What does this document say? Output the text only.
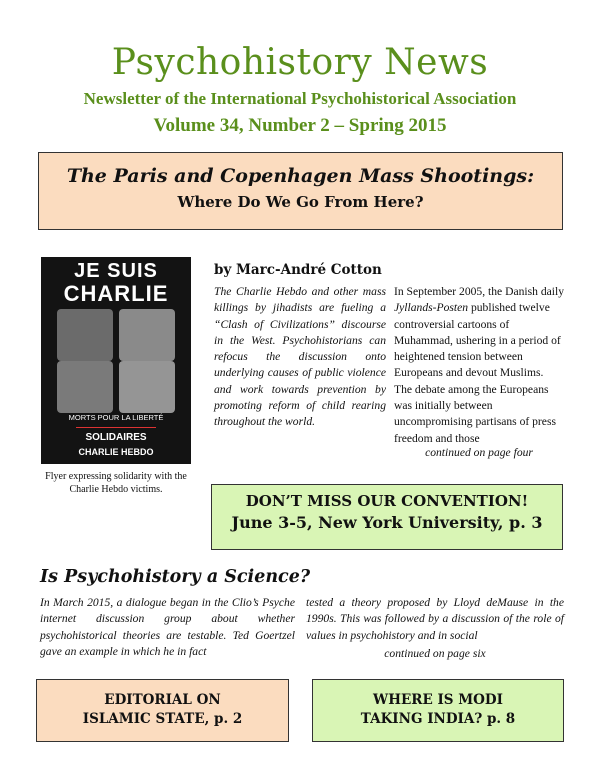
Psychohistory News
Newsletter of the International Psychohistorical Association
Volume 34, Number 2 – Spring 2015
The Paris and Copenhagen Mass Shootings:
Where Do We Go From Here?
JE SUIS
CHARLIE
MORTS POUR LA LIBERTÉ
SOLIDAIRES
CHARLIE HEBDO
Flyer expressing solidarity with the Charlie Hebdo victims.
by Marc-André Cotton

The Charlie Hebdo and other mass killings by jihadists are fueling a “Clash of Civilizations” discourse in the West. Psychohistorians can refocus the discussion onto underlying causes of public violence and work towards prevention by promoting reform of child rearing throughout the world.

In September 2005, the Danish daily Jyllands-Posten published twelve controversial cartoons of Muhammad, ushering in a period of heightened tension between Europeans and devout Muslims. The debate among the Europeans was initially between uncompromising partisans of press freedom and those

continued on page four
DON’T MISS OUR CONVENTION!
June 3-5, New York University, p. 3
Is Psychohistory a Science?

In March 2015, a dialogue began in the Clio’s Psyche internet discussion group about whether psychohistorical theories are testable. Ted Goertzel gave an example in which he in fact

tested a theory proposed by Lloyd deMause in the 1990s. This was followed by a discussion of the role of values in psychohistory and in social

continued on page six
EDITORIAL ON
ISLAMIC STATE, p. 2
WHERE IS MODI
TAKING INDIA? p. 8
